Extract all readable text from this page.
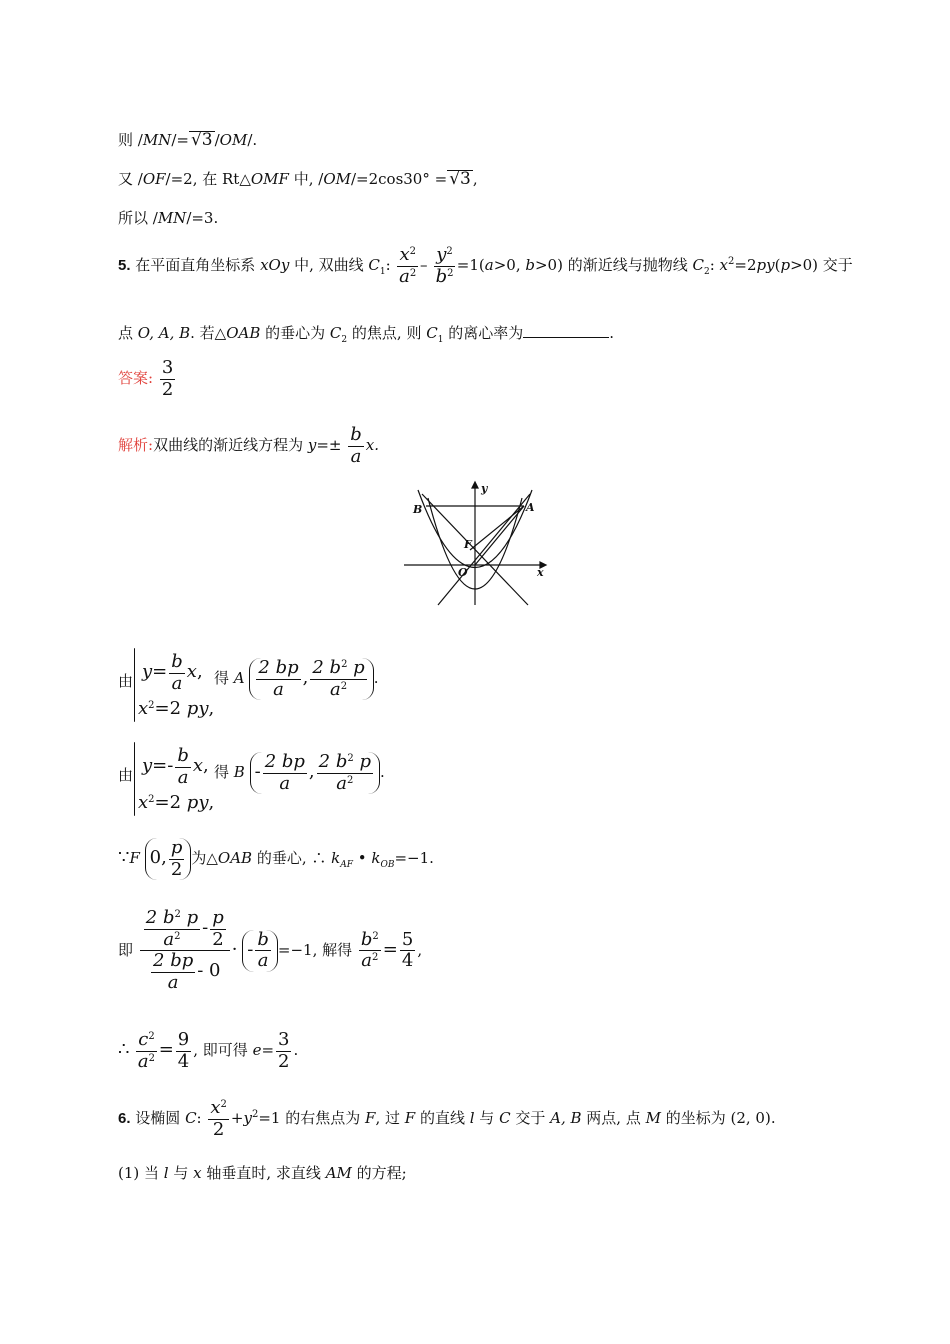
则 /MN/= √3 /OM/.
又 /OF/=2, 在 Rt△OMF 中, /OM/=2cos30° = √3 ,
所以 /MN/=3.
5. 在平面直角坐标系 xOy 中, 双曲线 $C_1$: $\frac{x^2}{a^2} - \frac{y^2}{b^2} =1(a>0$, b>0) 的渐近线与抛物线 $C_2$: $x^2=2py(p>0)$ 交于
点 O, A, B. 若△OAB 的垂心为 $C_2$ 的焦点, 则 $C_1$ 的离心率为	.
答案: $\frac{3}{2}$
解析:双曲线的渐近线方程为 $y=\pm \frac{b}{a} x$.
y
x
O
F
A
B
由 $y= \frac{b}{a} x$,
$x^2=2$ py,
得 A $\frac{2 bp}{a}$ , $\frac{2 b^2 p}{a^2}$ .
由 $y=- \frac{b}{a} x$,
$x^2=2$ py,
得 B - $\frac{2 bp}{a}$ , $\frac{2 b^2 p}{a^2}$ .
∵F 0, $\frac{p}{2}$ 为△OAB 的垂心, ∴ $k_{AF}$ • $k_{OB}=-1$.
即 $\frac{\frac{2 b^2 p}{a^2} - \frac{p}{2}}{\frac{2 bp}{a} - 0}$ · - $\frac{b}{a} =-1$, 解得 $\frac{b^2}{a^2} = \frac{5}{4}$ ,
∴ $\frac{c^2}{a^2} = \frac{9}{4}$ , 即可得 $e= \frac{3}{2}$ .
6. 设椭圆 C: $\frac{x^2}{2} +y^2=1$ 的右焦点为 F, 过 F 的直线 l 与 C 交于 A, B 两点, 点 M 的坐标为 (2, 0).
(1) 当 l 与 x 轴垂直时, 求直线 AM 的方程;
